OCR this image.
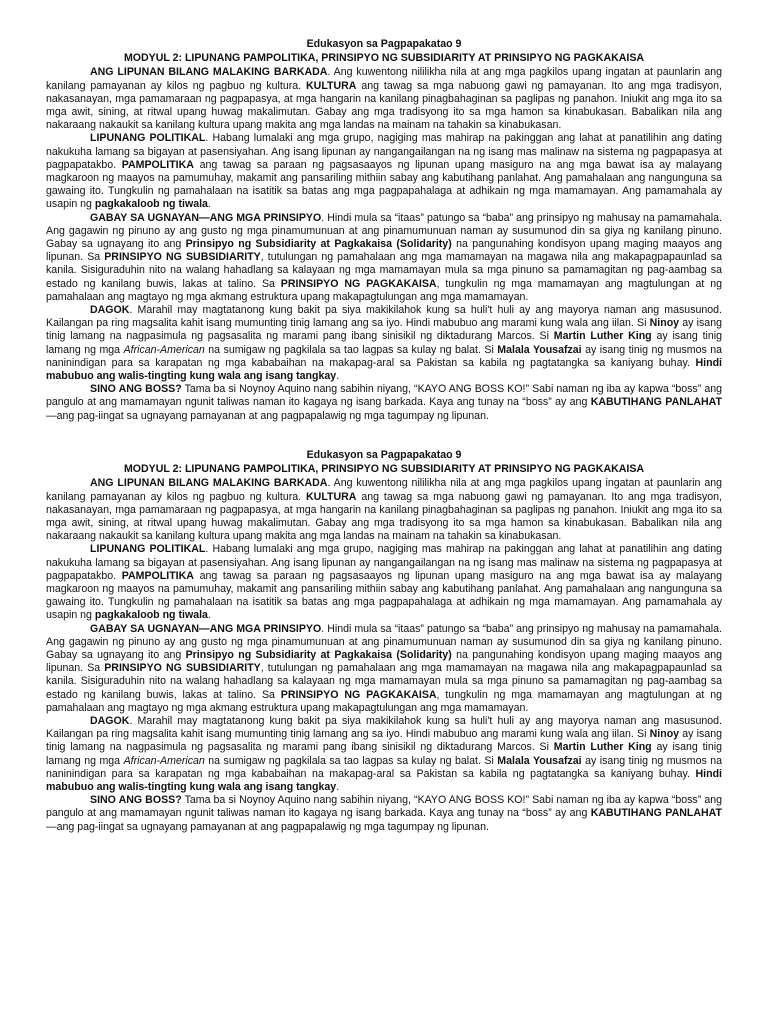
Edukasyon sa Pagpapakatao 9

MODYUL 2: LIPUNANG PAMPOLITIKA, PRINSIPYO NG SUBSIDIARITY AT PRINSIPYO NG PAGKAKAISA

ANG LIPUNAN BILANG MALAKING BARKADA. Ang kuwentong nililikha nila at ang mga pagkilos upang ingatan at paunlarin ang kanilang pamayanan ay kilos ng pagbuo ng kultura. KULTURA ang tawag sa mga nabuong gawi ng pamayanan. Ito ang mga tradisyon, nakasanayan, mga pamamaraan ng pagpapasya, at mga hangarin na kanilang pinagbahaginan sa paglipas ng panahon. Iniukit ang mga ito sa mga awit, sining, at ritwal upang huwag makalimutan. Gabay ang mga tradisyong ito sa mga hamon sa kinabukasan. Babalikan nila ang nakaraang nakaukit sa kanilang kultura upang makita ang mga landas na mainam na tahakin sa kinabukasan.

LIPUNANG POLITIKAL. Habang lumalaki ang mga grupo, nagiging mas mahirap na pakinggan ang lahat at panatilihin ang dating nakukuha lamang sa bigayan at pasensiyahan. Ang isang lipunan ay nangangailangan na ng isang mas malinaw na sistema ng pagpapasya at pagpapatakbo. PAMPOLITIKA ang tawag sa paraan ng pagsasaayos ng lipunan upang masiguro na ang mga bawat isa ay malayang magkaroon ng maayos na pamumuhay, makamit ang pansariling mithiin sabay ang kabutihang panlahat. Ang pamahalaan ang nangunguna sa gawaing ito. Tungkulin ng pamahalaan na isatitik sa batas ang mga pagpapahalaga at adhikain ng mga mamamayan. Ang pamamahala ay usapin ng pagkakaloob ng tiwala.

GABAY SA UGNAYAN—ANG MGA PRINSIPYO. Hindi mula sa “itaas” patungo sa “baba” ang prinsipyo ng mahusay na pamamahala. Ang gagawin ng pinuno ay ang gusto ng mga pinamumunuan at ang pinamumunuan naman ay susumunod din sa giya ng kanilang pinuno. Gabay sa ugnayang ito ang Prinsipyo ng Subsidiarity at Pagkakaisa (Solidarity) na pangunahing kondisyon upang maging maayos ang lipunan. Sa PRINSIPYO NG SUBSIDIARITY, tutulungan ng pamahalaan ang mga mamamayan na magawa nila ang makapagpapaunlad sa kanila. Sisiguraduhin nito na walang hahadlang sa kalayaan ng mga mamamayan mula sa mga pinuno sa pamamagitan ng pag-aambag sa estado ng kanilang buwis, lakas at talino. Sa PRINSIPYO NG PAGKAKAISA, tungkulin ng mga mamamayan ang magtulungan at ng pamahalaan ang magtayo ng mga akmang estruktura upang makapagtulungan ang mga mamamayan.

DAGOK. Marahil may magtatanong kung bakit pa siya makikilahok kung sa huli't huli ay ang mayorya naman ang masusunod. Kailangan pa ring magsalita kahit isang mumunting tinig lamang ang sa iyo. Hindi mabubuo ang marami kung wala ang iilan. Si Ninoy ay isang tinig lamang na nagpasimula ng pagsasalita ng marami pang ibang sinisikil ng diktadurang Marcos. Si Martin Luther King ay isang tinig lamang ng mga African-American na sumigaw ng pagkilala sa tao lagpas sa kulay ng balat. Si Malala Yousafzai ay isang tinig ng musmos na naninindigan para sa karapatan ng mga kababaihan na makapag-aral sa Pakistan sa kabila ng pagtatangka sa kaniyang buhay. Hindi mabubuo ang walis-tingting kung wala ang isang tangkay.

SINO ANG BOSS? Tama ba si Noynoy Aquino nang sabihin niyang, “KAYO ANG BOSS KO!” Sabi naman ng iba ay kapwa “boss” ang pangulo at ang mamamayan ngunit taliwas naman ito kagaya ng isang barkada. Kaya ang tunay na “boss” ay ang KABUTIHANG PANLAHAT—ang pag-iingat sa ugnayang pamayanan at ang pagpapalawig ng mga tagumpay ng lipunan.

Edukasyon sa Pagpapakatao 9

MODYUL 2: LIPUNANG PAMPOLITIKA, PRINSIPYO NG SUBSIDIARITY AT PRINSIPYO NG PAGKAKAISA

ANG LIPUNAN BILANG MALAKING BARKADA. Ang kuwentong nililikha nila at ang mga pagkilos upang ingatan at paunlarin ang kanilang pamayanan ay kilos ng pagbuo ng kultura. KULTURA ang tawag sa mga nabuong gawi ng pamayanan. Ito ang mga tradisyon, nakasanayan, mga pamamaraan ng pagpapasya, at mga hangarin na kanilang pinagbahaginan sa paglipas ng panahon. Iniukit ang mga ito sa mga awit, sining, at ritwal upang huwag makalimutan. Gabay ang mga tradisyong ito sa mga hamon sa kinabukasan. Babalikan nila ang nakaraang nakaukit sa kanilang kultura upang makita ang mga landas na mainam na tahakin sa kinabukasan.

LIPUNANG POLITIKAL. Habang lumalaki ang mga grupo, nagiging mas mahirap na pakinggan ang lahat at panatilihin ang dating nakukuha lamang sa bigayan at pasensiyahan. Ang isang lipunan ay nangangailangan na ng isang mas malinaw na sistema ng pagpapasya at pagpapatakbo. PAMPOLITIKA ang tawag sa paraan ng pagsasaayos ng lipunan upang masiguro na ang mga bawat isa ay malayang magkaroon ng maayos na pamumuhay, makamit ang pansariling mithiin sabay ang kabutihang panlahat. Ang pamahalaan ang nangunguna sa gawaing ito. Tungkulin ng pamahalaan na isatitik sa batas ang mga pagpapahalaga at adhikain ng mga mamamayan. Ang pamamahala ay usapin ng pagkakaloob ng tiwala.

GABAY SA UGNAYAN—ANG MGA PRINSIPYO. Hindi mula sa “itaas” patungo sa “baba” ang prinsipyo ng mahusay na pamamahala. Ang gagawin ng pinuno ay ang gusto ng mga pinamumunuan at ang pinamumunuan naman ay susumunod din sa giya ng kanilang pinuno. Gabay sa ugnayang ito ang Prinsipyo ng Subsidiarity at Pagkakaisa (Solidarity) na pangunahing kondisyon upang maging maayos ang lipunan. Sa PRINSIPYO NG SUBSIDIARITY, tutulungan ng pamahalaan ang mga mamamayan na magawa nila ang makapagpapaunlad sa kanila. Sisiguraduhin nito na walang hahadlang sa kalayaan ng mga mamamayan mula sa mga pinuno sa pamamagitan ng pag-aambag sa estado ng kanilang buwis, lakas at talino. Sa PRINSIPYO NG PAGKAKAISA, tungkulin ng mga mamamayan ang magtulungan at ng pamahalaan ang magtayo ng mga akmang estruktura upang makapagtulungan ang mga mamamayan.

DAGOK. Marahil may magtatanong kung bakit pa siya makikilahok kung sa huli't huli ay ang mayorya naman ang masusunod. Kailangan pa ring magsalita kahit isang mumunting tinig lamang ang sa iyo. Hindi mabubuo ang marami kung wala ang iilan. Si Ninoy ay isang tinig lamang na nagpasimula ng pagsasalita ng marami pang ibang sinisikil ng diktadurang Marcos. Si Martin Luther King ay isang tinig lamang ng mga African-American na sumigaw ng pagkilala sa tao lagpas sa kulay ng balat. Si Malala Yousafzai ay isang tinig ng musmos na naninindigan para sa karapatan ng mga kababaihan na makapag-aral sa Pakistan sa kabila ng pagtatangka sa kaniyang buhay. Hindi mabubuo ang walis-tingting kung wala ang isang tangkay.

SINO ANG BOSS? Tama ba si Noynoy Aquino nang sabihin niyang, “KAYO ANG BOSS KO!” Sabi naman ng iba ay kapwa “boss” ang pangulo at ang mamamayan ngunit taliwas naman ito kagaya ng isang barkada. Kaya ang tunay na “boss” ay ang KABUTIHANG PANLAHAT—ang pag-iingat sa ugnayang pamayanan at ang pagpapalawig ng mga tagumpay ng lipunan.
